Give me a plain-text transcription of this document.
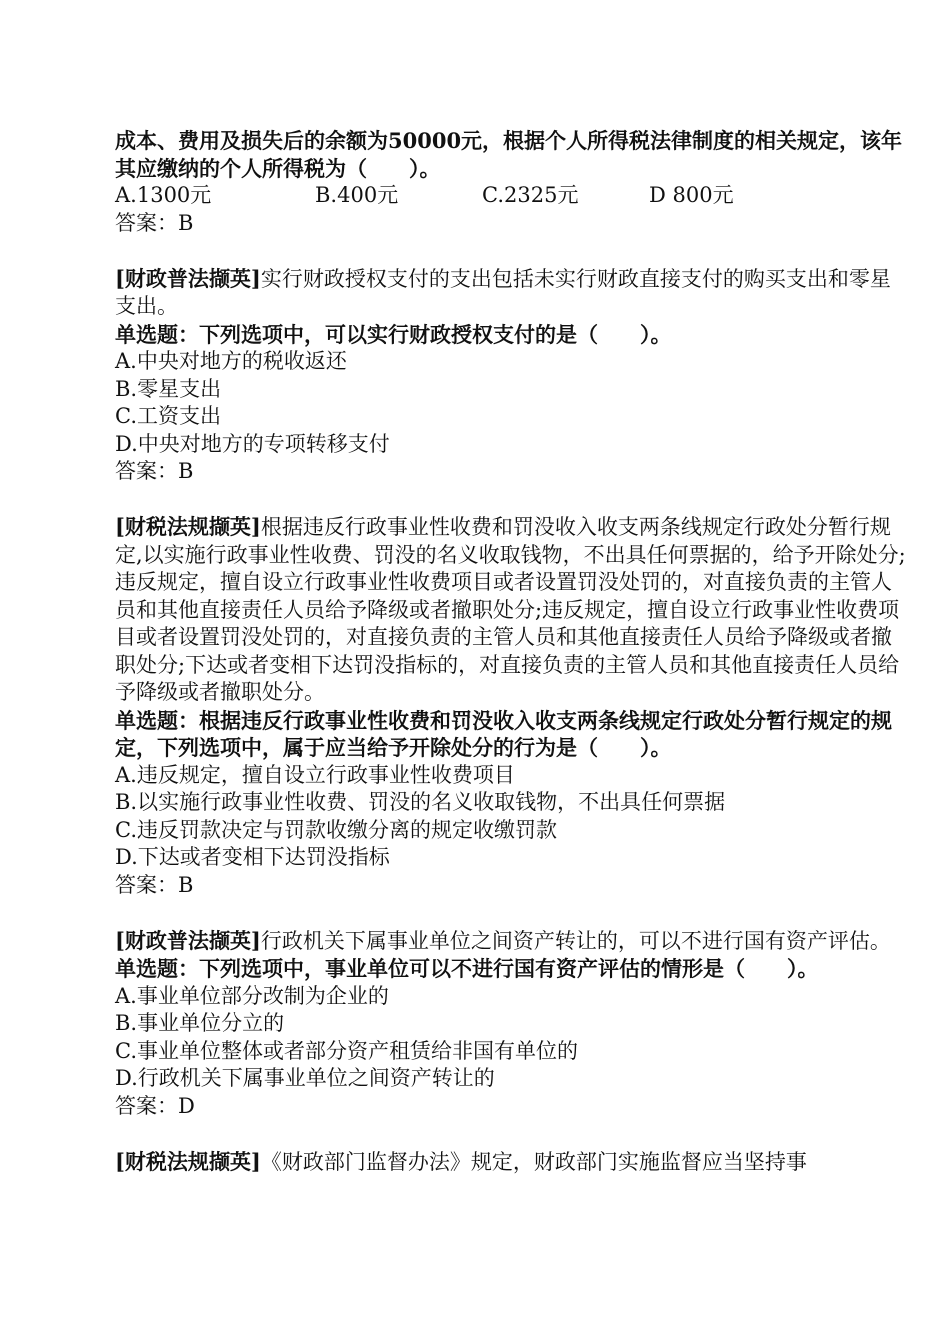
成本、费用及损失后的余额为50000元，根据个人所得税法律制度的相关规定，该年其应缴纳的个人所得税为（　　）。

A.1300元	B.400元	C.2325元	D 800元

答案：B

[财政普法撷英]实行财政授权支付的支出包括未实行财政直接支付的购买支出和零星支出。

单选题：下列选项中，可以实行财政授权支付的是（　　）。

A.中央对地方的税收返还

B.零星支出

C.工资支出

D.中央对地方的专项转移支付

答案：B

[财税法规撷英]根据违反行政事业性收费和罚没收入收支两条线规定行政处分暂行规定,以实施行政事业性收费、罚没的名义收取钱物，不出具任何票据的，给予开除处分;违反规定，擅自设立行政事业性收费项目或者设置罚没处罚的，对直接负责的主管人员和其他直接责任人员给予降级或者撤职处分;违反规定，擅自设立行政事业性收费项目或者设置罚没处罚的，对直接负责的主管人员和其他直接责任人员给予降级或者撤职处分;下达或者变相下达罚没指标的，对直接负责的主管人员和其他直接责任人员给予降级或者撤职处分。

单选题：根据违反行政事业性收费和罚没收入收支两条线规定行政处分暂行规定的规定，下列选项中，属于应当给予开除处分的行为是（　　）。

A.违反规定，擅自设立行政事业性收费项目

B.以实施行政事业性收费、罚没的名义收取钱物，不出具任何票据

C.违反罚款决定与罚款收缴分离的规定收缴罚款

D.下达或者变相下达罚没指标

答案：B

[财政普法撷英]行政机关下属事业单位之间资产转让的，可以不进行国有资产评估。

单选题：下列选项中，事业单位可以不进行国有资产评估的情形是（　　）。

A.事业单位部分改制为企业的

B.事业单位分立的

C.事业单位整体或者部分资产租赁给非国有单位的

D.行政机关下属事业单位之间资产转让的

答案：D

[财税法规撷英]《财政部门监督办法》规定，财政部门实施监督应当坚持事
